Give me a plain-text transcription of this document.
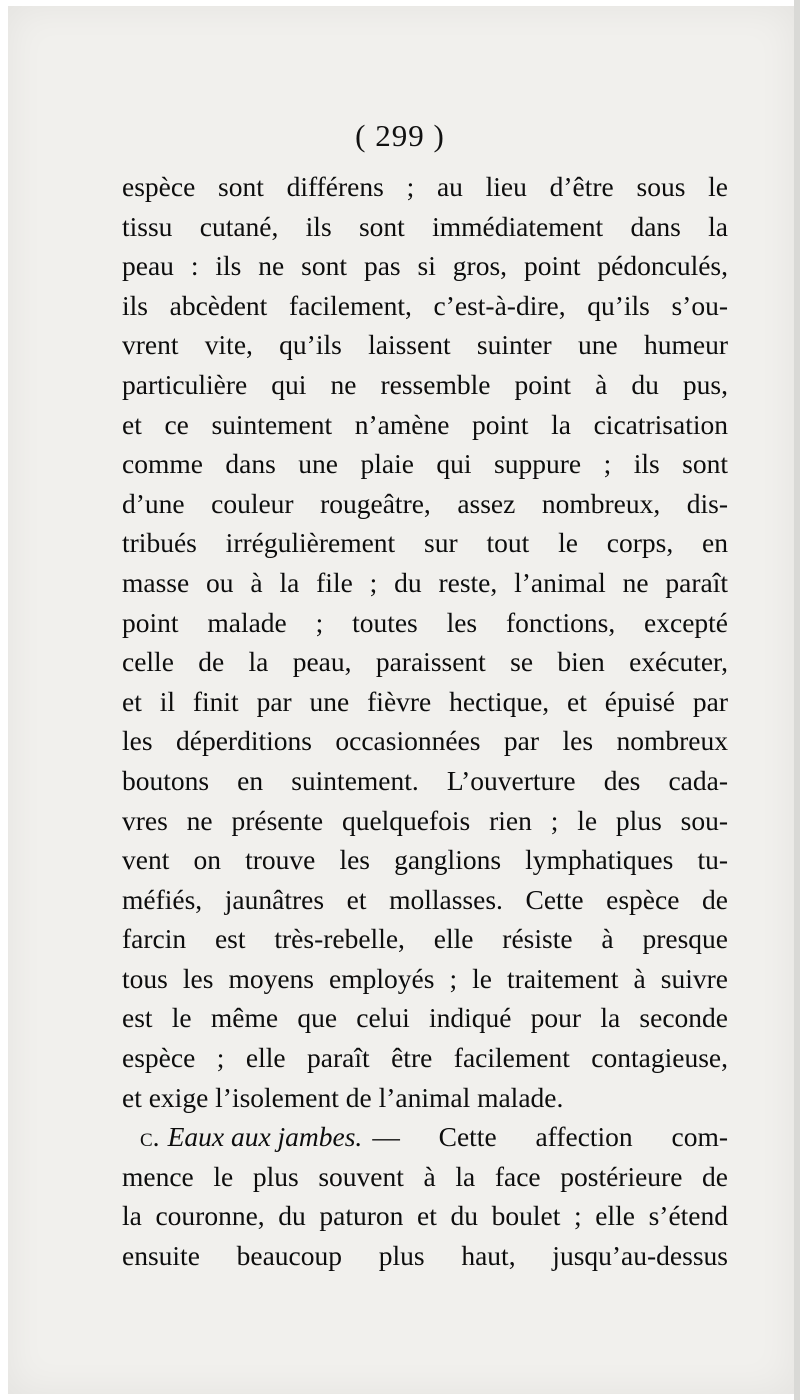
( 299 )
espèce sont différens ; au lieu d’être sous le
tissu cutané, ils sont immédiatement dans la
peau : ils ne sont pas si gros, point pédonculés,
ils abcèdent facilement, c’est-à-dire, qu’ils s’ou-
vrent vite, qu’ils laissent suinter une humeur
particulière qui ne ressemble point à du pus,
et ce suintement n’amène point la cicatrisation
comme dans une plaie qui suppure ; ils sont
d’une couleur rougeâtre, assez nombreux, dis-
tribués irrégulièrement sur tout le corps, en
masse ou à la file ; du reste, l’animal ne paraît
point malade ; toutes les fonctions, excepté
celle de la peau, paraissent se bien exécuter,
et il finit par une fièvre hectique, et épuisé par
les déperditions occasionnées par les nombreux
boutons en suintement. L’ouverture des cada-
vres ne présente quelquefois rien ; le plus sou-
vent on trouve les ganglions lymphatiques tu-
méfiés, jaunâtres et mollasses. Cette espèce de
farcin est très-rebelle, elle résiste à presque
tous les moyens employés ; le traitement à suivre
est le même que celui indiqué pour la seconde
espèce ; elle paraît être facilement contagieuse,
et exige l’isolement de l’animal malade.
c. Eaux aux jambes. — Cette affection com-
mence le plus souvent à la face postérieure de
la couronne, du paturon et du boulet ; elle s’étend
ensuite beaucoup plus haut, jusqu’au-dessus
